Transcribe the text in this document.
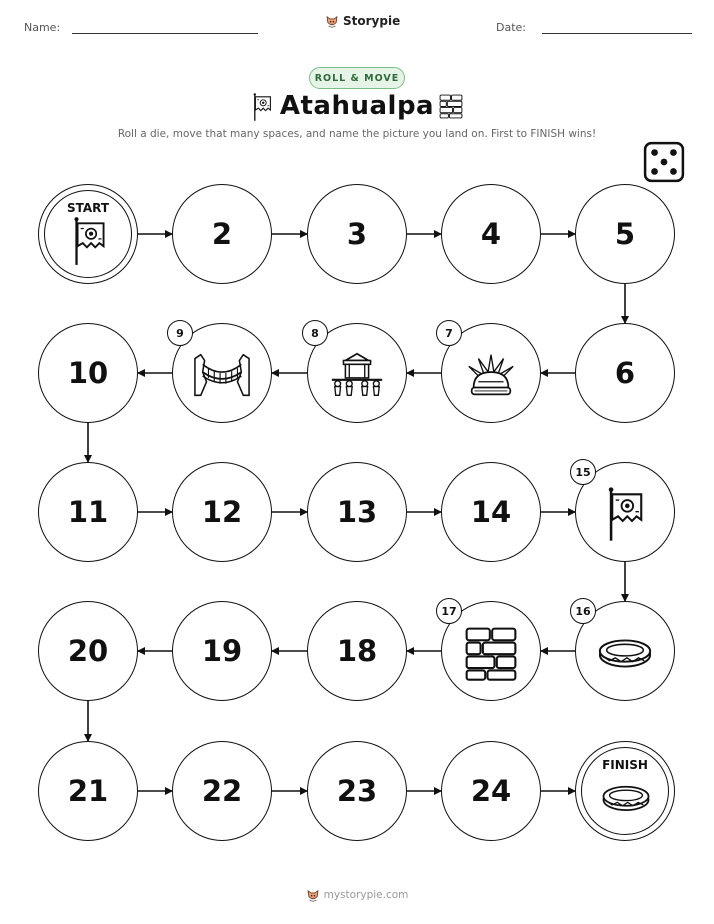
Name:	Storypie	Date:
ROLL & MOVE
Atahualpa
Roll a die, move that many spaces, and name the picture you land on. First to FINISH wins!
START
2	3	4	5
10
9	8	7
6
11	12	13	14
15
20	19	18
17	16
21	22	23	24
FINISH
mystorypie.com
